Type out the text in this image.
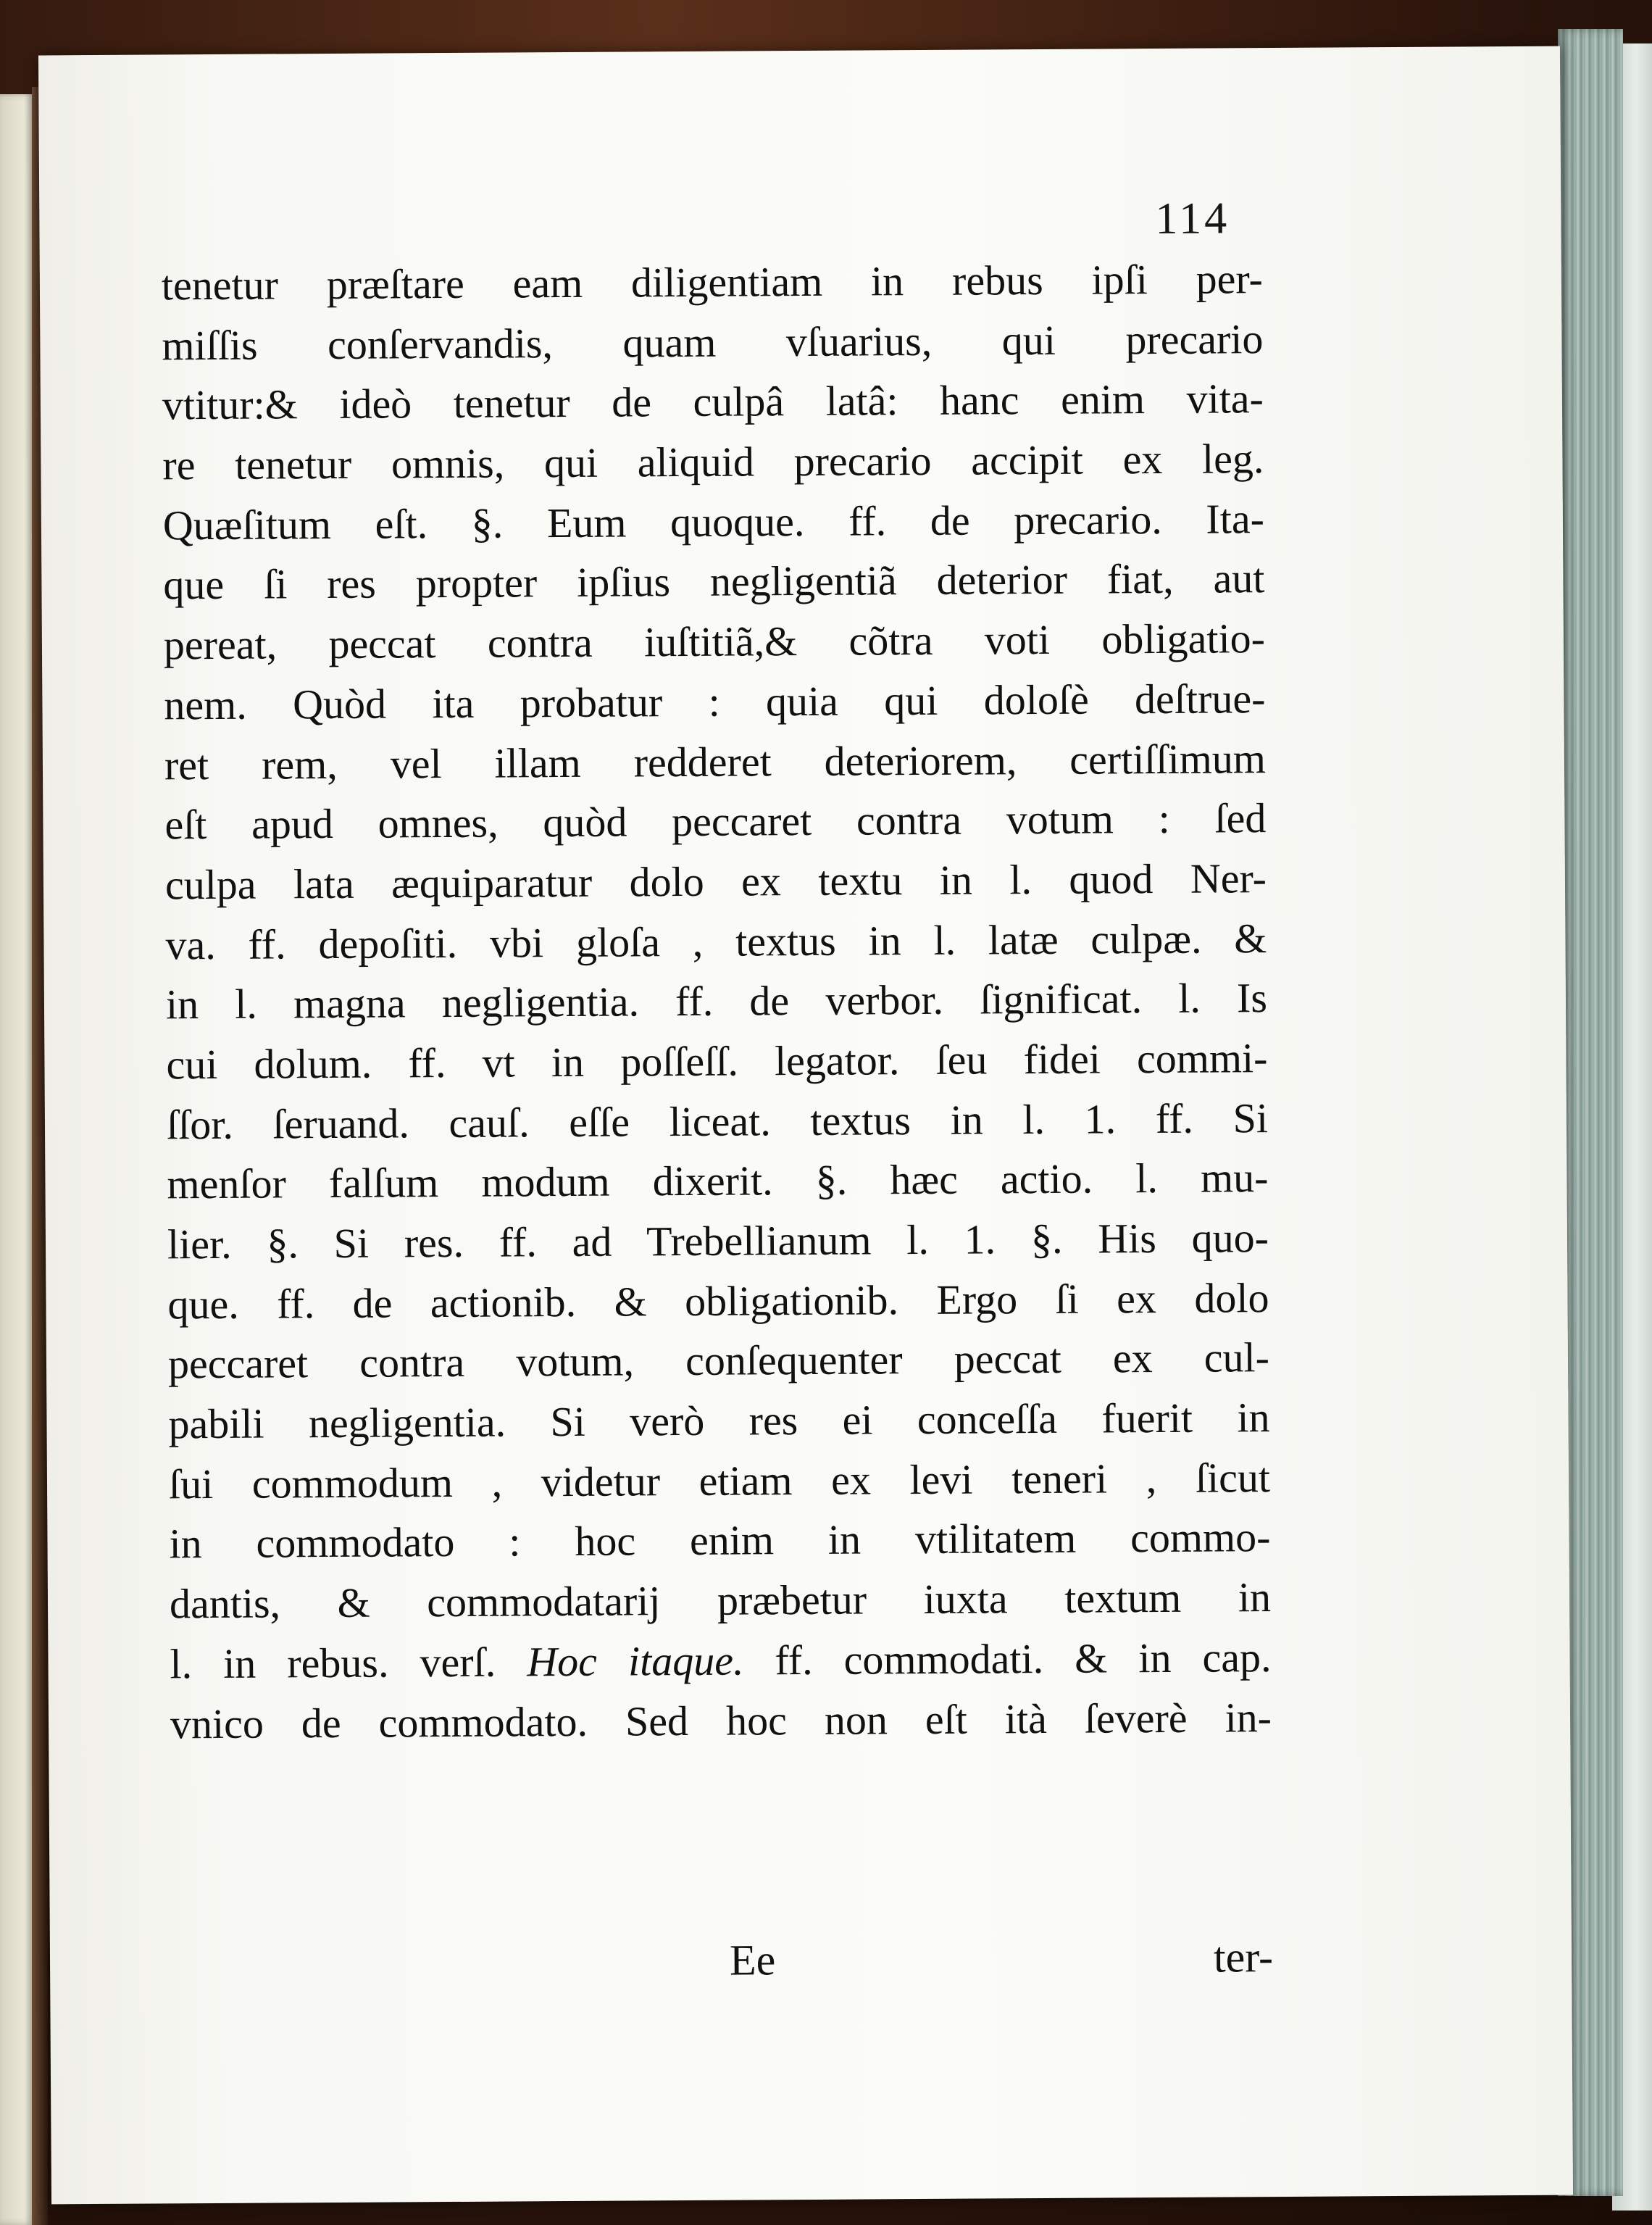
114

tenetur præſtare eam diligentiam in rebus ipſi per-
miſſis conſervandis, quam vſuarius, qui precario
vtitur:& ideò tenetur de culpâ latâ: hanc enim vita-
re tenetur omnis, qui aliquid precario accipit ex leg.
Quæſitum eſt. §. Eum quoque. ff. de precario. Ita-
que ſi res propter ipſius negligentiã deterior fiat, aut
pereat, peccat contra iuſtitiã,& cõtra voti obligatio-
nem. Quòd ita probatur : quia qui doloſè deſtrue-
ret rem, vel illam redderet deteriorem, certiſſimum
eſt apud omnes, quòd peccaret contra votum : ſed
culpa lata æquiparatur dolo ex textu in l. quod Ner-
va. ff. depoſiti. vbi gloſa , textus in l. latæ culpæ. &
in l. magna negligentia. ff. de verbor. ſignificat. l. Is
cui dolum. ff. vt in poſſeſſ. legator. ſeu fidei commi-
ſſor. ſeruand. cauſ. eſſe liceat. textus in l. 1. ff. Si
menſor falſum modum dixerit. §. hæc actio. l. mu-
lier. §. Si res. ff. ad Trebellianum l. 1. §. His quo-
que. ff. de actionib. & obligationib. Ergo ſi ex dolo
peccaret contra votum, conſequenter peccat ex cul-
pabili negligentia. Si verò res ei conceſſa fuerit in
ſui commodum , videtur etiam ex levi teneri , ſicut
in commodato : hoc enim in vtilitatem commo-
dantis, & commodatarij præbetur iuxta textum in
l. in rebus. verſ. Hoc itaque. ff. commodati. & in cap.
vnico de commodato. Sed hoc non eſt ità ſeverè in-

Ee	ter-
